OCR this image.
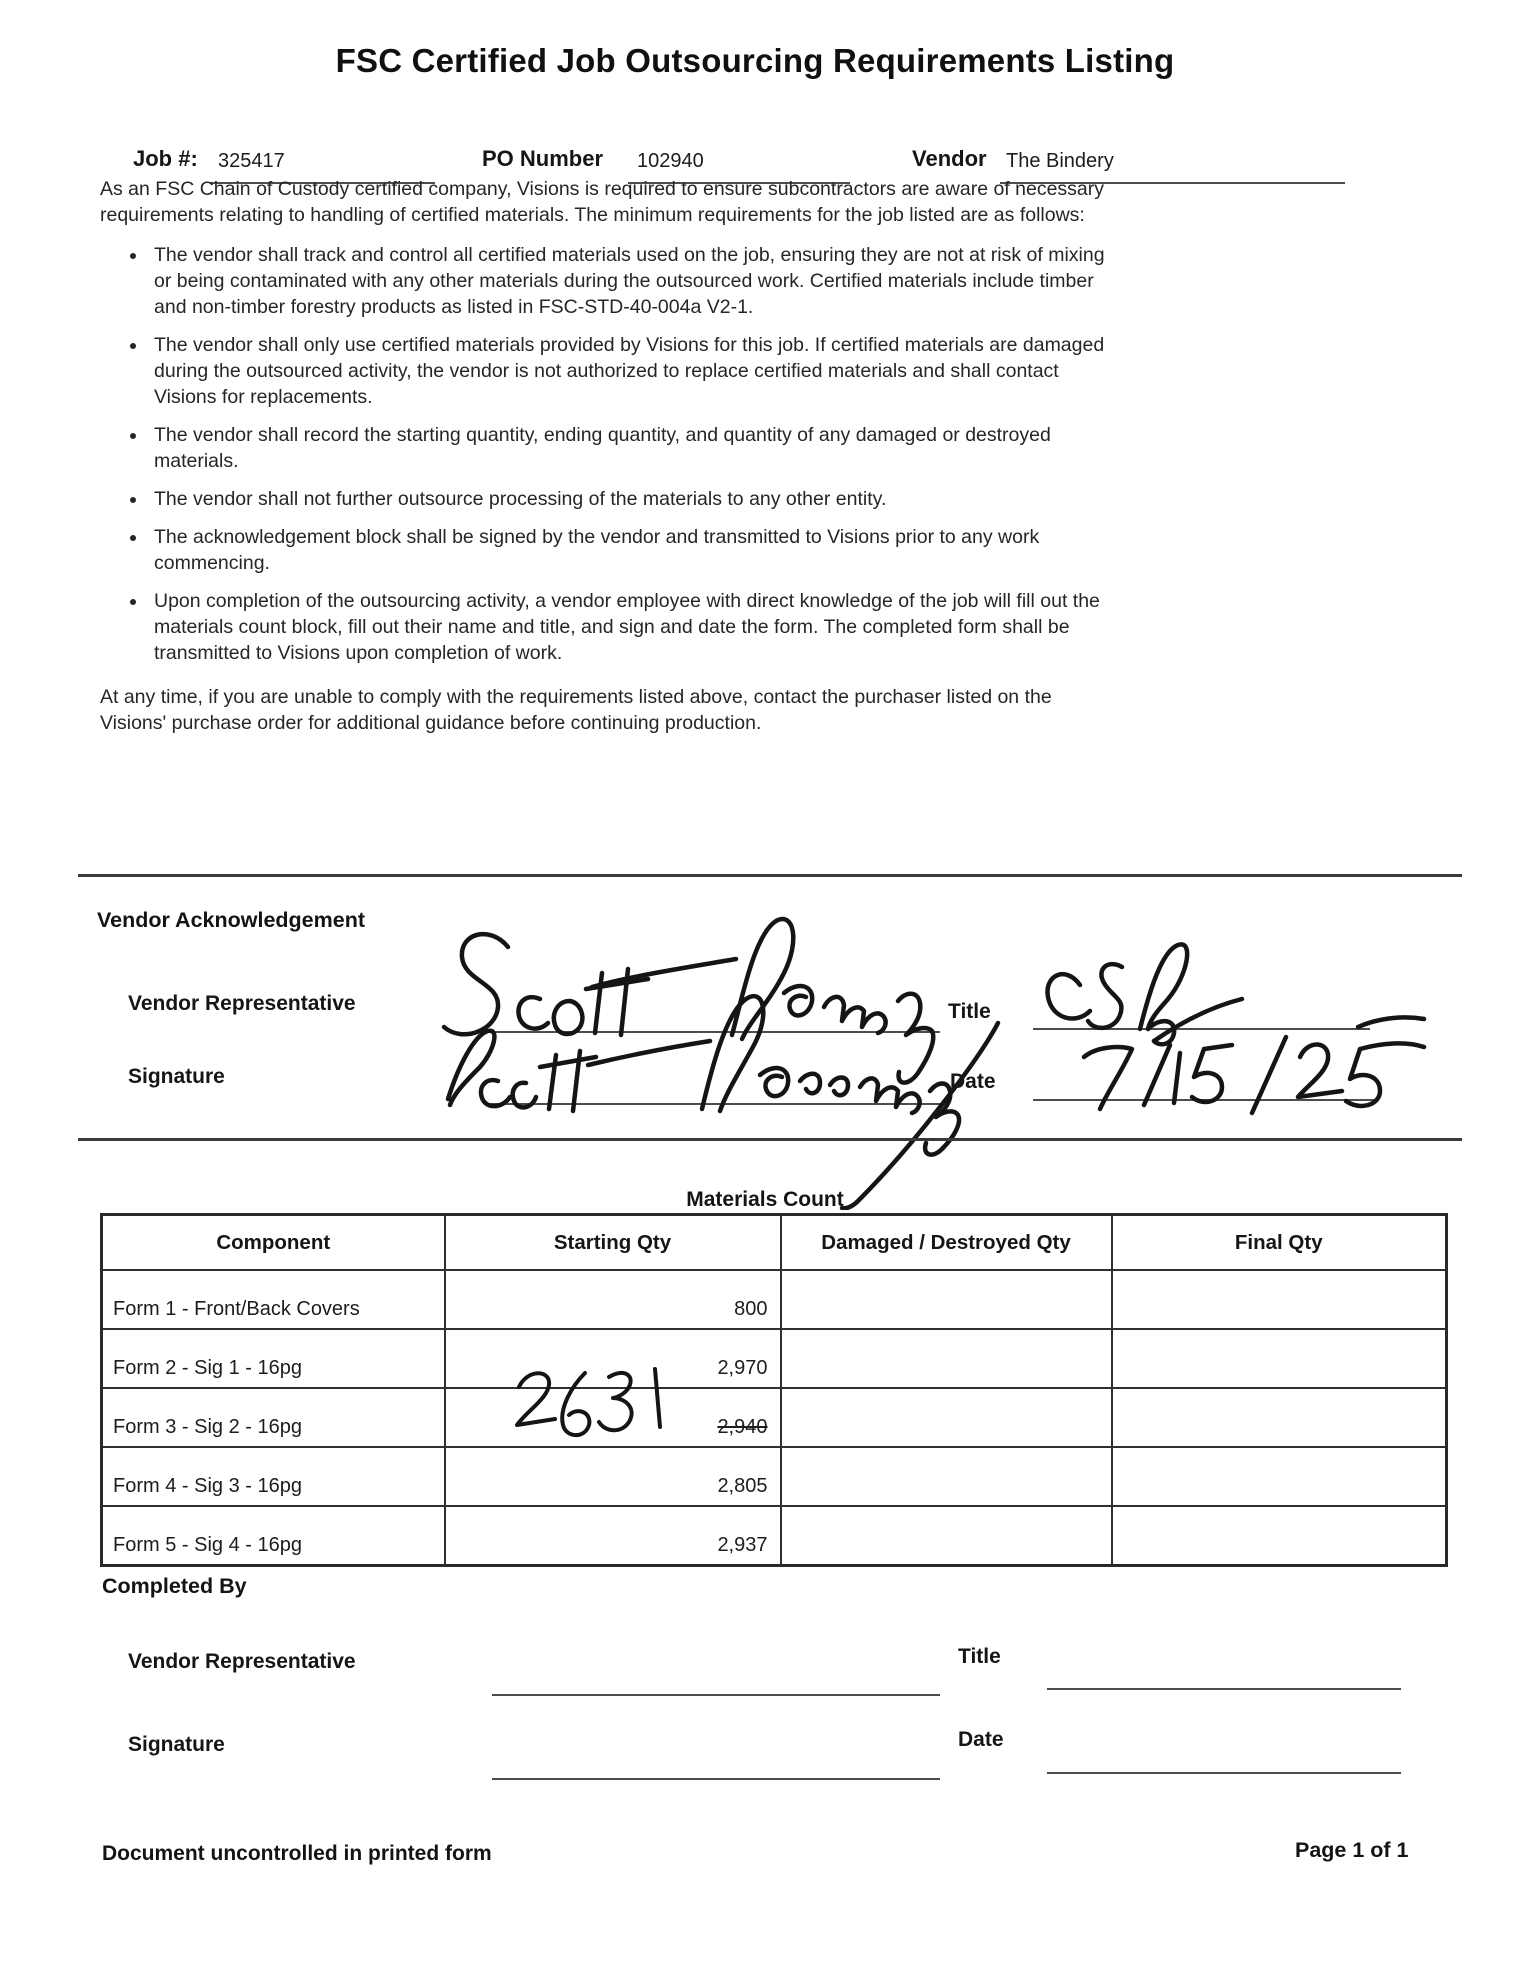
FSC Certified Job Outsourcing Requirements Listing
Job #: 325417	PO Number 102940	Vendor The Bindery

As an FSC Chain of Custody certified company, Visions is required to ensure subcontractors are aware of necessary requirements relating to handling of certified materials. The minimum requirements for the job listed are as follows:

• The vendor shall track and control all certified materials used on the job, ensuring they are not at risk of mixing or being contaminated with any other materials during the outsourced work. Certified materials include timber and non-timber forestry products as listed in FSC-STD-40-004a V2-1.
• The vendor shall only use certified materials provided by Visions for this job. If certified materials are damaged during the outsourced activity, the vendor is not authorized to replace certified materials and shall contact Visions for replacements.
• The vendor shall record the starting quantity, ending quantity, and quantity of any damaged or destroyed materials.
• The vendor shall not further outsource processing of the materials to any other entity.
• The acknowledgement block shall be signed by the vendor and transmitted to Visions prior to any work commencing.
• Upon completion of the outsourcing activity, a vendor employee with direct knowledge of the job will fill out the materials count block, fill out their name and title, and sign and date the form. The completed form shall be transmitted to Visions upon completion of work.

At any time, if you are unable to comply with the requirements listed above, contact the purchaser listed on the Visions' purchase order for additional guidance before continuing production.

Vendor Acknowledgement
Vendor Representative	Title
Signature	Date
Materials Count
Component	Starting Qty	Damaged / Destroyed Qty	Final Qty
Form 1 - Front/Back Covers	800		
Form 2 - Sig 1 - 16pg	2,970		
Form 3 - Sig 2 - 16pg	2,940		
Form 4 - Sig 3 - 16pg	2,805		
Form 5 - Sig 4 - 16pg	2,937		
Completed By
Vendor Representative	Title
Signature	Date
Document uncontrolled in printed form	Page 1 of 1
